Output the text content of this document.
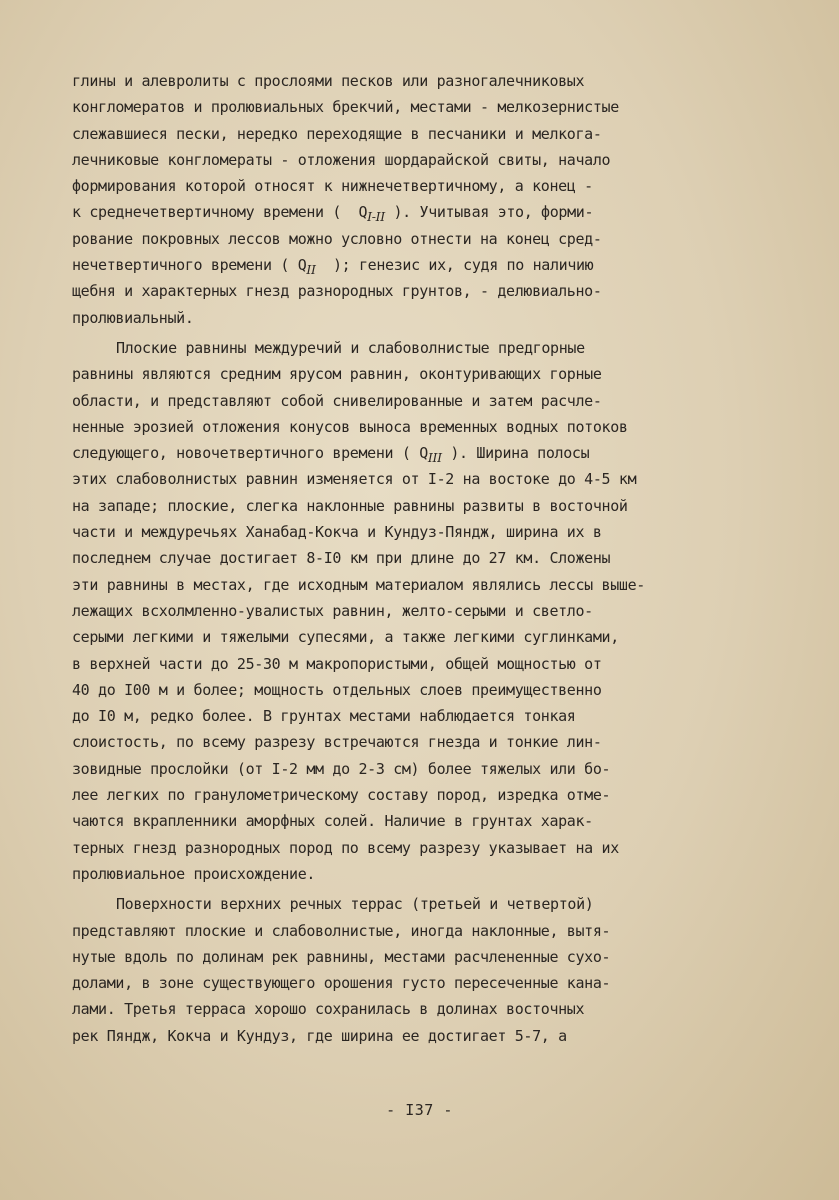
глины и алевролиты с прослоями песков или разногалечниковых
конгломератов и пролювиальных брекчий, местами - мелкозернистые
слежавшиеся пески, нередко переходящие в песчаники и мелкога-
лечниковые конгломераты - отложения шордарайской свиты, начало
формирования которой относят к нижнечетвертичному, а конец -
к среднечетвертичному времени (  $Q_{I-II}$ ). Учитывая это, форми-
рование покровных лессов можно условно отнести на конец сред-
нечетвертичного времени ( $Q_{II}$  ); генезис их, судя по наличию
щебня и характерных гнезд разнородных грунтов, - делювиально-
пролювиальный.
Плоские равнины междуречий и слабоволнистые предгорные
равнины являются средним ярусом равнин, оконтуривающих горные
области, и представляют собой снивелированные и затем расчле-
ненные эрозией отложения конусов выноса временных водных потоков
следующего, новочетвертичного времени ( $Q_{III}$ ). Ширина полосы
этих слабоволнистых равнин изменяется от I-2 на востоке до 4-5 км
на западе; плоские, слегка наклонные равнины развиты в восточной
части и междуречьях Ханабад-Кокча и Кундуз-Пяндж, ширина их в
последнем случае достигает 8-I0 км при длине до 27 км. Сложены
эти равнины в местах, где исходным материалом являлись лессы выше-
лежащих всхолмленно-увалистых равнин, желто-серыми и светло-
серыми легкими и тяжелыми супесями, а также легкими суглинками,
в верхней части до 25-30 м макропористыми, общей мощностью от
40 до I00 м и более; мощность отдельных слоев преимущественно
до I0 м, редко более. В грунтах местами наблюдается тонкая
слоистость, по всему разрезу встречаются гнезда и тонкие лин-
зовидные прослойки (от I-2 мм до 2-3 см) более тяжелых или бо-
лее легких по гранулометрическому составу пород, изредка отме-
чаются вкрапленники аморфных солей. Наличие в грунтах харак-
терных гнезд разнородных пород по всему разрезу указывает на их
пролювиальное происхождение.
Поверхности верхних речных террас (третьей и четвертой)
представляют плоские и слабоволнистые, иногда наклонные, вытя-
нутые вдоль по долинам рек равнины, местами расчлененные сухо-
долами, в зоне существующего орошения густо пересеченные кана-
лами. Третья терраса хорошо сохранилась в долинах восточных
рек Пяндж, Кокча и Кундуз, где ширина ее достигает 5-7, а
- I37 -
